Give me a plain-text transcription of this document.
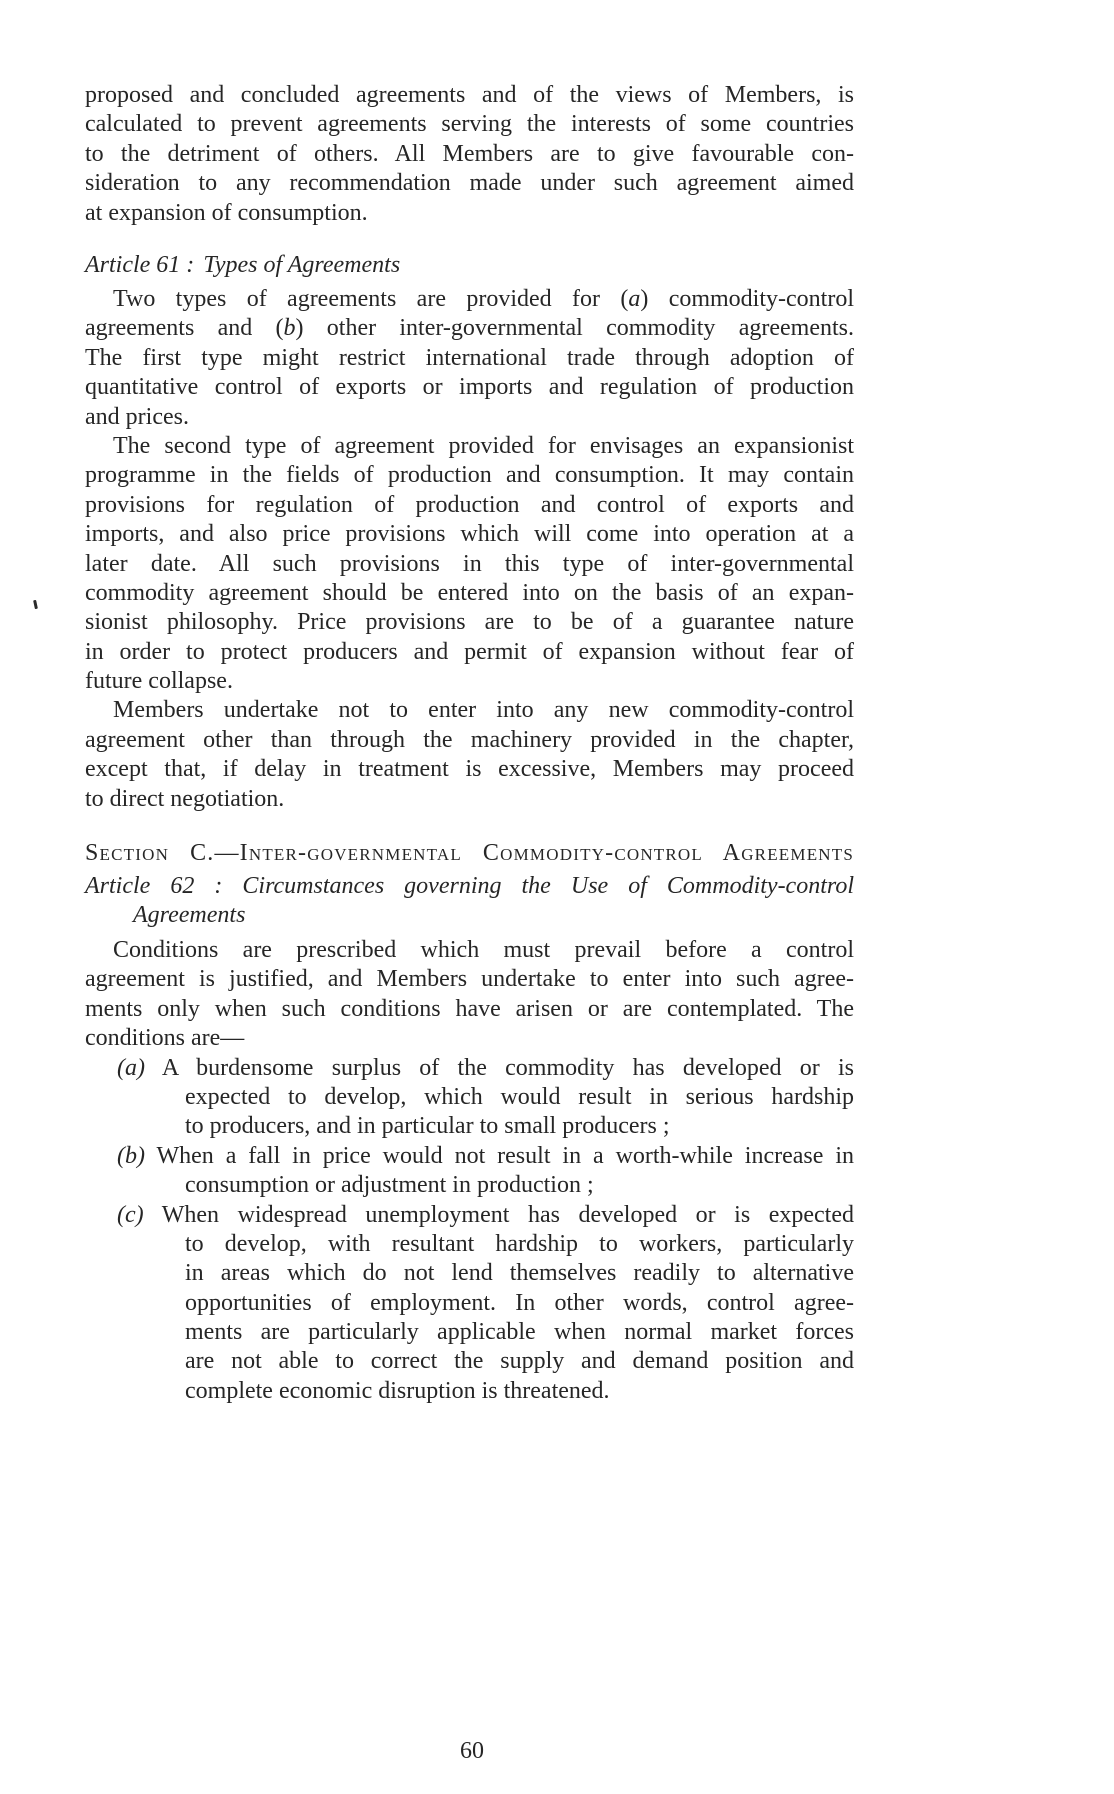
proposed and concluded agreements and of the views of Members, is
calculated to prevent agreements serving the interests of some countries
to the detriment of others. All Members are to give favourable con-
sideration to any recommendation made under such agreement aimed
at expansion of consumption.
Article 61 : Types of Agreements
Two types of agreements are provided for (a) commodity-control
agreements and (b) other inter-governmental commodity agreements.
The first type might restrict international trade through adoption of
quantitative control of exports or imports and regulation of production
and prices.
The second type of agreement provided for envisages an expansionist
programme in the fields of production and consumption. It may contain
provisions for regulation of production and control of exports and
imports, and also price provisions which will come into operation at a
later date. All such provisions in this type of inter-governmental
commodity agreement should be entered into on the basis of an expan-
sionist philosophy. Price provisions are to be of a guarantee nature
in order to protect producers and permit of expansion without fear of
future collapse.
Members undertake not to enter into any new commodity-control
agreement other than through the machinery provided in the chapter,
except that, if delay in treatment is excessive, Members may proceed
to direct negotiation.
Section C.—Inter-governmental Commodity-control Agreements
Article 62 : Circumstances governing the Use of Commodity-control
Agreements
Conditions are prescribed which must prevail before a control
agreement is justified, and Members undertake to enter into such agree-
ments only when such conditions have arisen or are contemplated. The
conditions are—
(a) A burdensome surplus of the commodity has developed or is
expected to develop, which would result in serious hardship
to producers, and in particular to small producers ;
(b) When a fall in price would not result in a worth-while increase in
consumption or adjustment in production ;
(c) When widespread unemployment has developed or is expected
to develop, with resultant hardship to workers, particularly
in areas which do not lend themselves readily to alternative
opportunities of employment. In other words, control agree-
ments are particularly applicable when normal market forces
are not able to correct the supply and demand position and
complete economic disruption is threatened.
60
